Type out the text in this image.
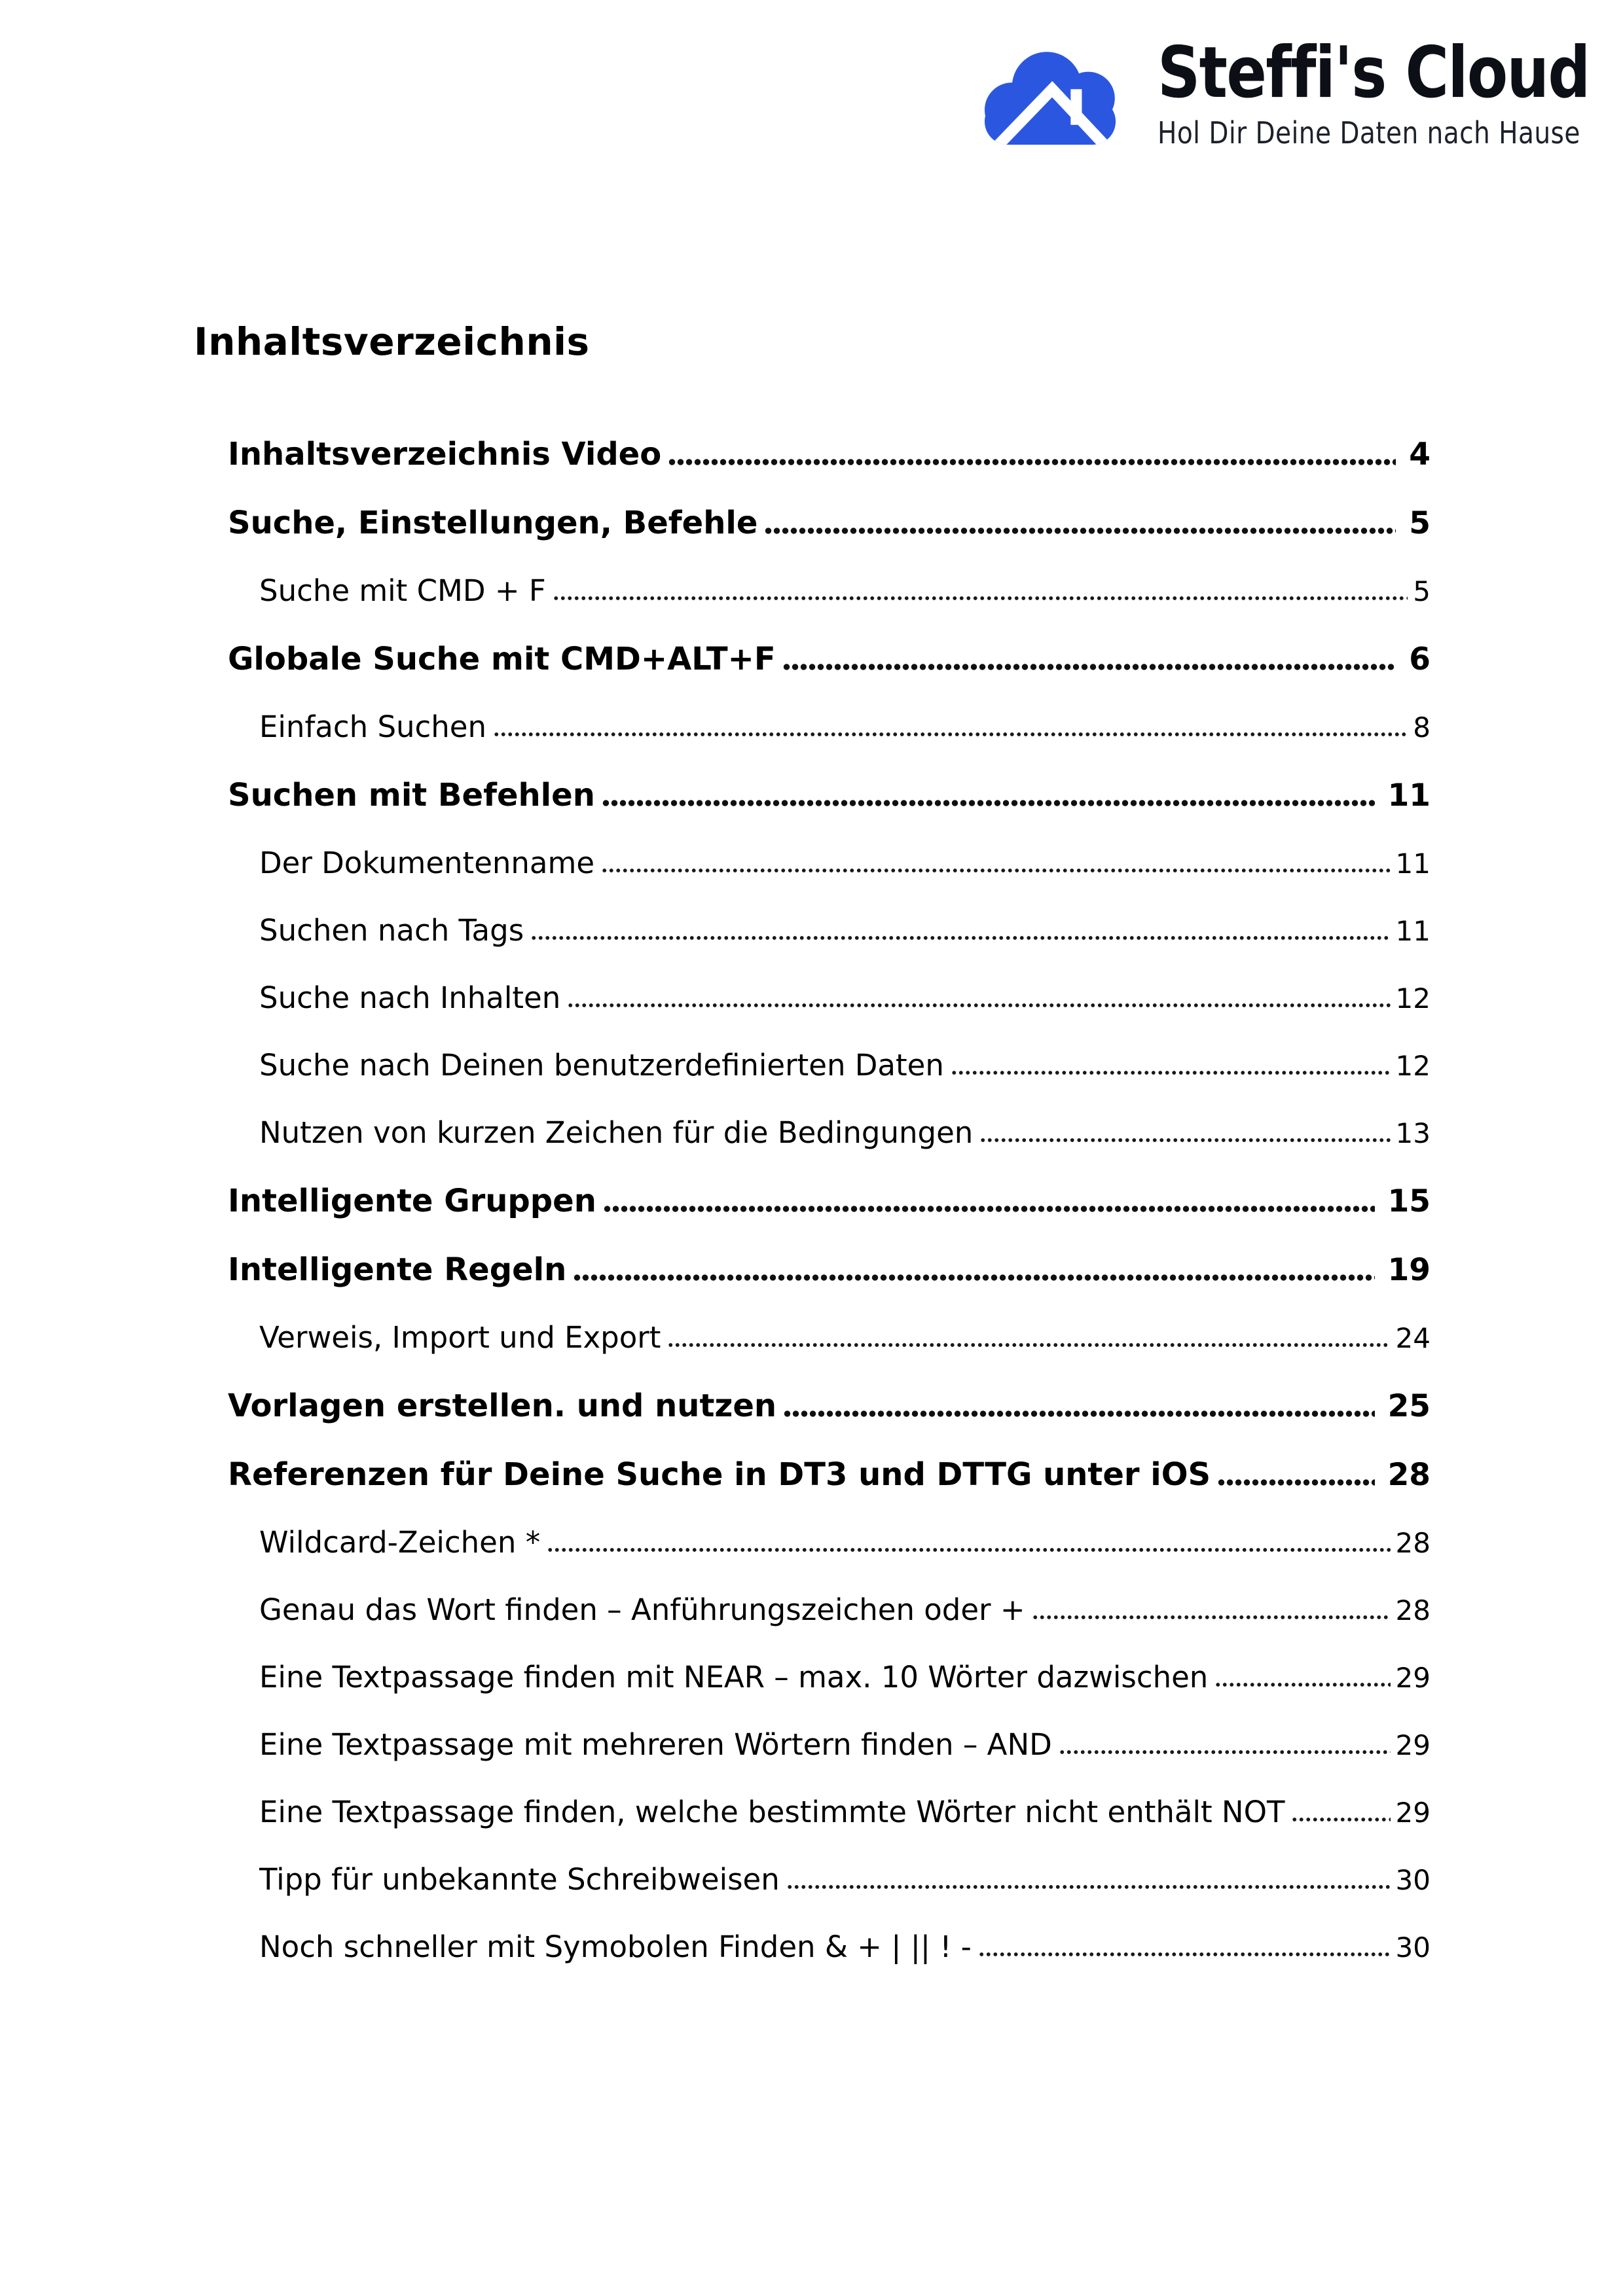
Steffi's Cloud
Hol Dir Deine Daten nach Hause
Inhaltsverzeichnis
Inhaltsverzeichnis Video	4
Suche, Einstellungen, Befehle	5
Suche mit CMD + F	5
Globale Suche mit CMD+ALT+F	6
Einfach Suchen	8
Suchen mit Befehlen	11
Der Dokumentenname	11
Suchen nach Tags	11
Suche nach Inhalten	12
Suche nach Deinen benutzerdefinierten Daten	12
Nutzen von kurzen Zeichen für die Bedingungen	13
Intelligente Gruppen	15
Intelligente Regeln	19
Verweis, Import und Export	24
Vorlagen erstellen. und nutzen	25
Referenzen für Deine Suche in DT3 und DTTG unter iOS	28
Wildcard-Zeichen *	28
Genau das Wort finden – Anführungszeichen oder +	28
Eine Textpassage finden mit NEAR – max. 10 Wörter dazwischen	29
Eine Textpassage mit mehreren Wörtern finden – AND	29
Eine Textpassage finden, welche bestimmte Wörter nicht enthält NOT	29
Tipp für unbekannte Schreibweisen	30
Noch schneller mit Symobolen Finden & + | || ! -	30
